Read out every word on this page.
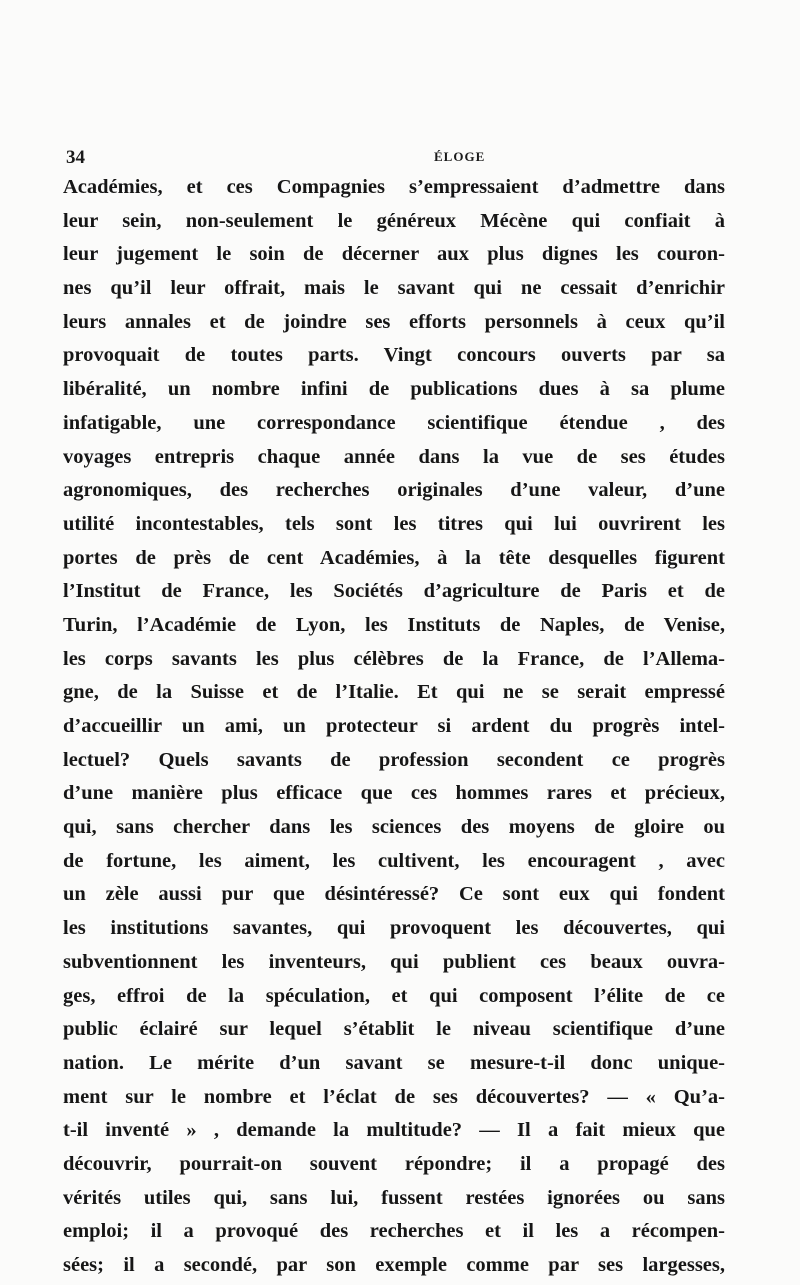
34	ÉLOGE
Académies, et ces Compagnies s’empressaient d’admettre dans
leur sein, non-seulement le généreux Mécène qui confiait à
leur jugement le soin de décerner aux plus dignes les couron-
nes qu’il leur offrait, mais le savant qui ne cessait d’enrichir
leurs annales et de joindre ses efforts personnels à ceux qu’il
provoquait de toutes parts. Vingt concours ouverts par sa
libéralité, un nombre infini de publications dues à sa plume
infatigable, une correspondance scientifique étendue , des
voyages entrepris chaque année dans la vue de ses études
agronomiques, des recherches originales d’une valeur, d’une
utilité incontestables, tels sont les titres qui lui ouvrirent les
portes de près de cent Académies, à la tête desquelles figurent
l’Institut de France, les Sociétés d’agriculture de Paris et de
Turin, l’Académie de Lyon, les Instituts de Naples, de Venise,
les corps savants les plus célèbres de la France, de l’Allema-
gne, de la Suisse et de l’Italie. Et qui ne se serait empressé
d’accueillir un ami, un protecteur si ardent du progrès intel-
lectuel? Quels savants de profession secondent ce progrès
d’une manière plus efficace que ces hommes rares et précieux,
qui, sans chercher dans les sciences des moyens de gloire ou
de fortune, les aiment, les cultivent, les encouragent , avec
un zèle aussi pur que désintéressé? Ce sont eux qui fondent
les institutions savantes, qui provoquent les découvertes, qui
subventionnent les inventeurs, qui publient ces beaux ouvra-
ges, effroi de la spéculation, et qui composent l’élite de ce
public éclairé sur lequel s’établit le niveau scientifique d’une
nation. Le mérite d’un savant se mesure-t-il donc unique-
ment sur le nombre et l’éclat de ses découvertes? — « Qu’a-
t-il inventé » , demande la multitude? — Il a fait mieux que
découvrir, pourrait-on souvent répondre; il a propagé des
vérités utiles qui, sans lui, fussent restées ignorées ou sans
emploi; il a provoqué des recherches et il les a récompen-
sées; il a secondé, par son exemple comme par ses largesses,
